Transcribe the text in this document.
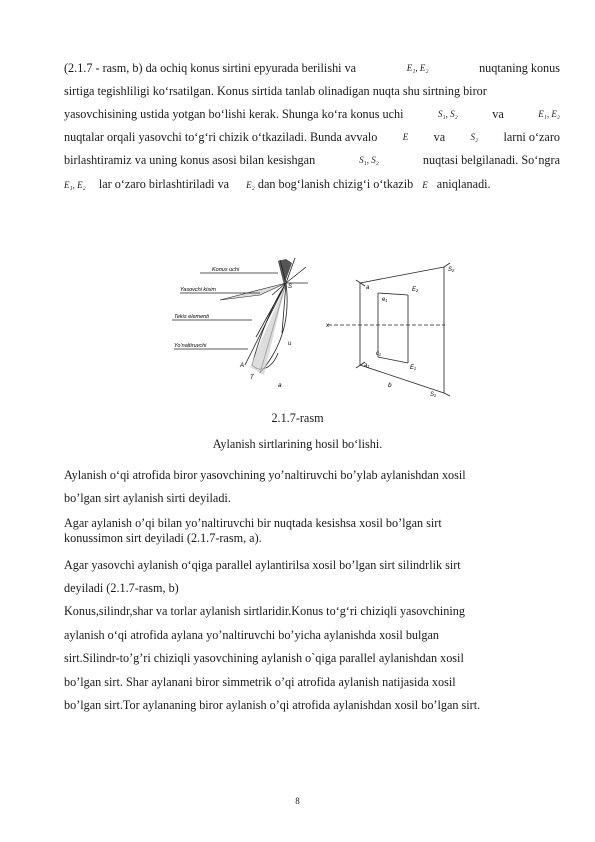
(2.1.7 - rasm, b) da ochiq konus sirtini epyurada berilishi va	E₁, E₂	nuqtaning konus
sirtiga tegishliligi ko‘rsatilgan. Konus sirtida tanlab olinadigan nuqta shu sirtning biror
yasovchisining ustida yotgan bo‘lishi kerak. Shunga ko‘ra konus uchi	S₁, S₂	va	E₁, E₂
nuqtalar orqali yasovchi to‘g‘ri chizik o‘tkaziladi. Bunda avvalo	E va	S₂ larni o‘zaro
birlashtiramiz va uning konus asosi bilan kesishgan	S₁, S₂	nuqtasi belgilanadi. So‘ngra
E₁, E₂ lar o‘zaro birlashtiriladi va E₂ dan bog‘lanish chizig‘i o‘tkazib E aniqlanadi.
Konus uchi
Yasovchi kisim
Tekis elementi
Yo’naltiruvchi
S
u
A
T
a
S₂
E₂
a
x
S₁
E₁
a₁
c₁
e₁
b
2.1.7-rasm
Aylanish sirtlarining hosil bo‘lishi.
Aylanish o‘qi atrofida biror yasovchining yo’naltiruvchi bo’ylab aylanishdan xosil
bo’lgan sirt aylanish sirti deyiladi.
Agar aylanish o’qi bilan yo’naltiruvchi bir nuqtada kesishsa xosil bo’lgan sirt
konussimon sirt deyiladi (2.1.7-rasm, a).
Agar yasovchi aylanish o‘qiga parallel aylantirilsa xosil bo’lgan sirt silindrlik sirt
deyiladi (2.1.7-rasm, b)
Konus,silindr,shar va torlar aylanish sirtlaridir.Konus to‘g‘ri chiziqli yasovchining
aylanish o‘qi atrofida aylana yo’naltiruvchi bo’yicha aylanishda xosil bulgan
sirt.Silindr-to’g’ri chiziqli yasovchining aylanish o`qiga parallel aylanishdan xosil
bo’lgan sirt. Shar aylanani biror simmetrik o’qi atrofida aylanish natijasida xosil
bo’lgan sirt.Tor aylananing biror aylanish o’qi atrofida aylanishdan xosil bo’lgan sirt.
8
